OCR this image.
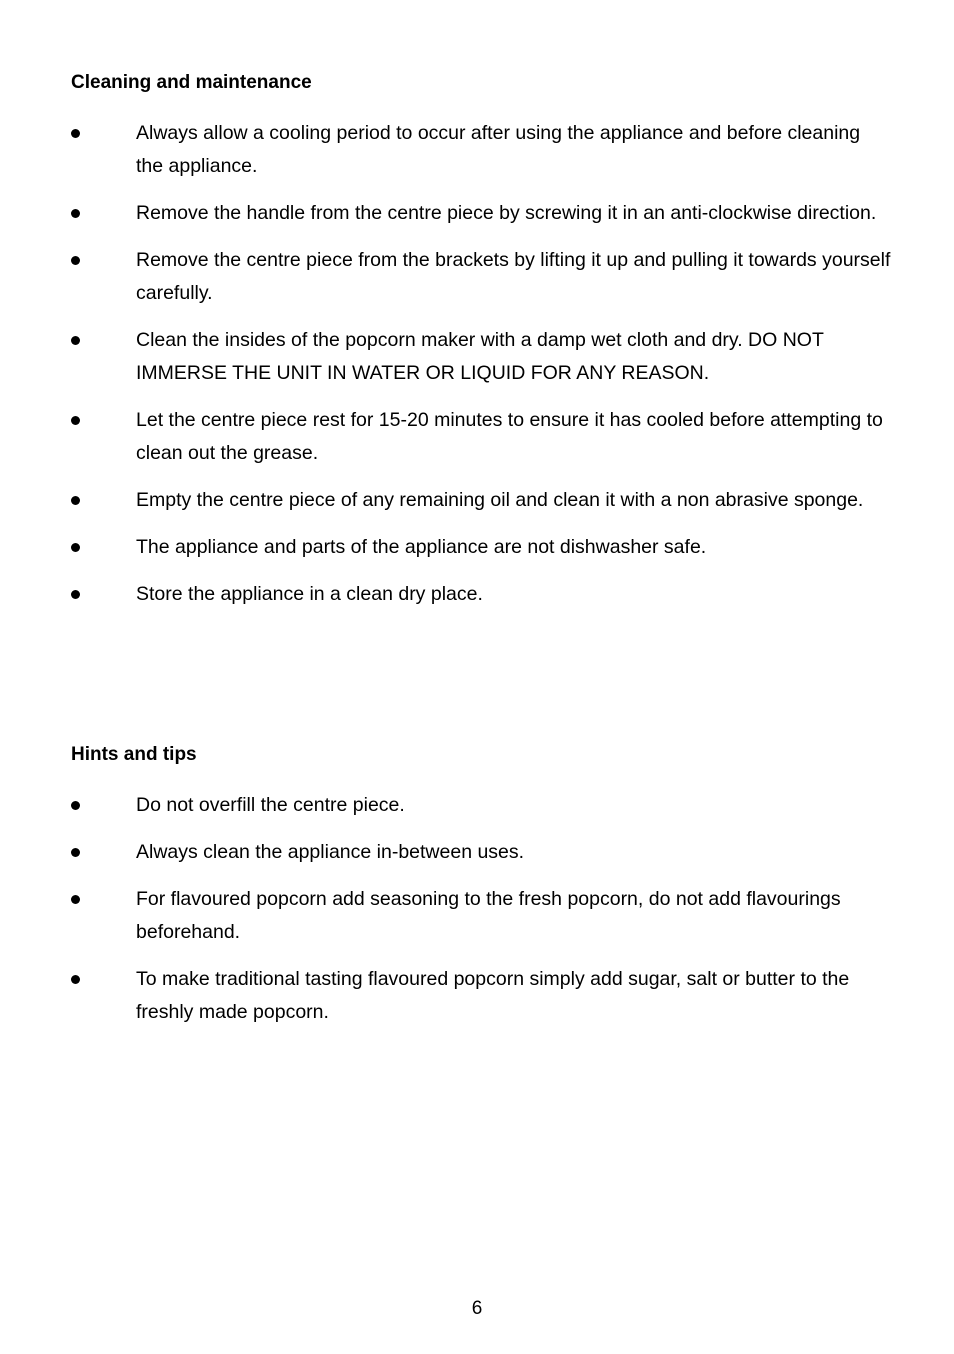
Cleaning and maintenance
Always allow a cooling period to occur after using the appliance and before cleaning the appliance.
Remove the handle from the centre piece by screwing it in an anti-clockwise direction.
Remove the centre piece from the brackets by lifting it up and pulling it towards yourself carefully.
Clean the insides of the popcorn maker with a damp wet cloth and dry. DO NOT IMMERSE THE UNIT IN WATER OR LIQUID FOR ANY REASON.
Let the centre piece rest for 15-20 minutes to ensure it has cooled before attempting to clean out the grease.
Empty the centre piece of any remaining oil and clean it with a non abrasive sponge.
The appliance and parts of the appliance are not dishwasher safe.
Store the appliance in a clean dry place.
Hints and tips
Do not overfill the centre piece.
Always clean the appliance in-between uses.
For flavoured popcorn add seasoning to the fresh popcorn, do not add flavourings beforehand.
To make traditional tasting flavoured popcorn simply add sugar, salt or butter to the freshly made popcorn.
6
